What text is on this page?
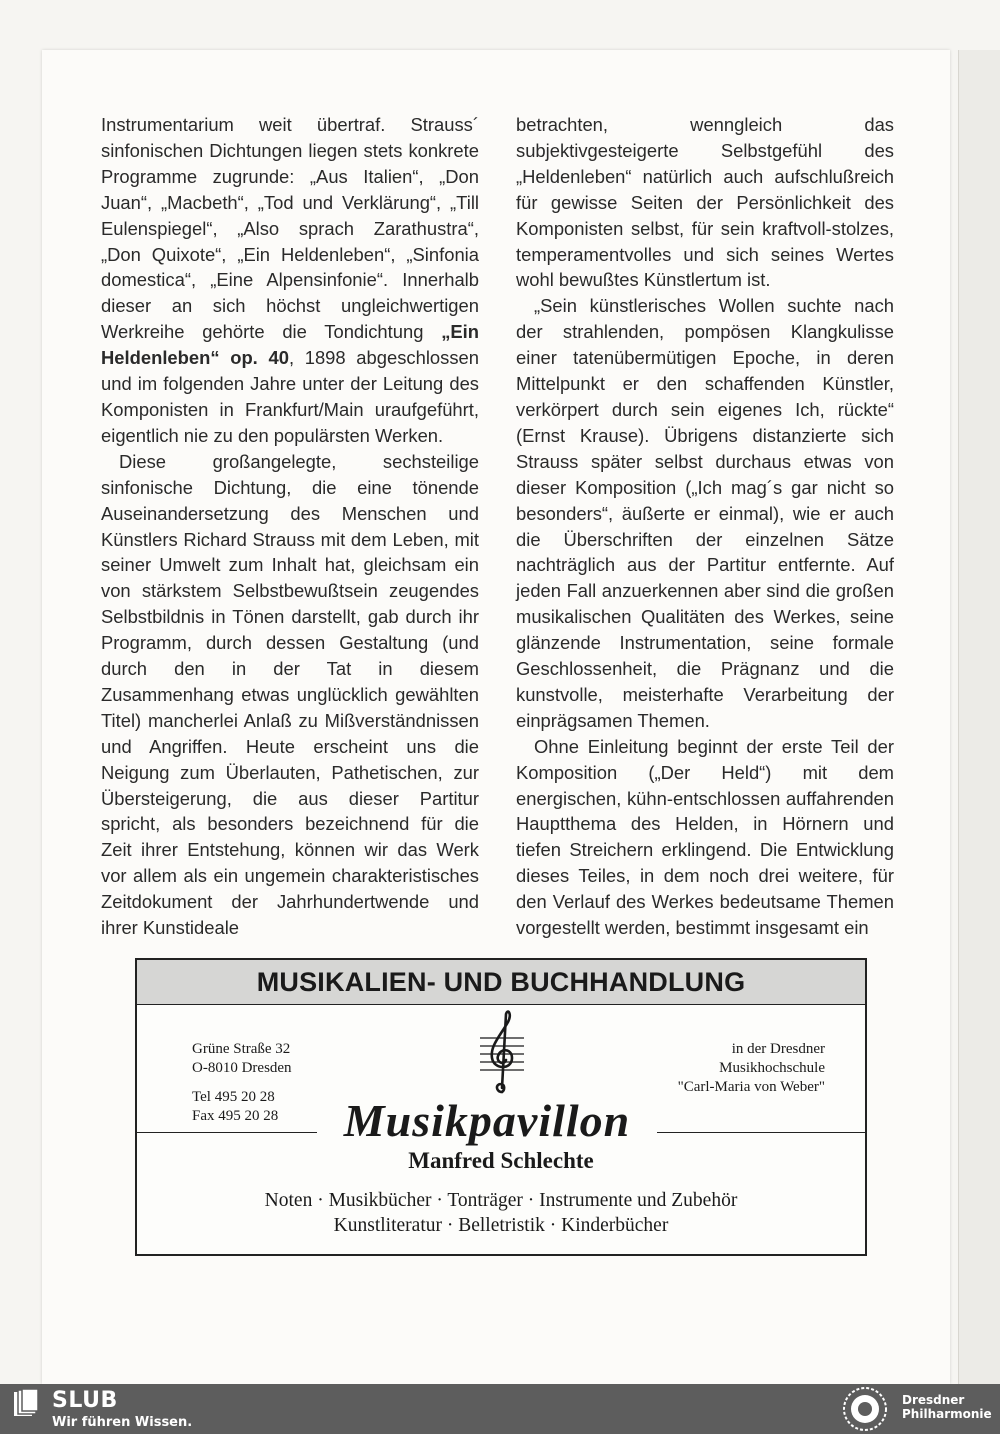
Instrumentarium weit übertraf. Strauss´ sinfonischen Dichtungen liegen stets konkrete Programme zugrunde: „Aus Italien“, „Don Juan“, „Macbeth“, „Tod und Verklärung“, „Till Eulenspiegel“, „Also sprach Zarathustra“, „Don Quixote“, „Ein Heldenleben“, „Sinfonia domestica“, „Eine Alpensinfonie“. Innerhalb dieser an sich höchst ungleichwertigen Werkreihe gehörte die Tondichtung „Ein Heldenleben“ op. 40, 1898 abgeschlossen und im folgenden Jahre unter der Leitung des Komponisten in Frankfurt/Main uraufgeführt, eigentlich nie zu den populärsten Werken.

Diese großangelegte, sechsteilige sinfonische Dichtung, die eine tönende Auseinandersetzung des Menschen und Künstlers Richard Strauss mit dem Leben, mit seiner Umwelt zum Inhalt hat, gleichsam ein von stärkstem Selbstbewußtsein zeugendes Selbstbildnis in Tönen darstellt, gab durch ihr Programm, durch dessen Gestaltung (und durch den in der Tat in diesem Zusammenhang etwas unglücklich gewählten Titel) mancherlei Anlaß zu Mißverständnissen und Angriffen. Heute erscheint uns die Neigung zum Überlauten, Pathetischen, zur Übersteigerung, die aus dieser Partitur spricht, als besonders bezeichnend für die Zeit ihrer Entstehung, können wir das Werk vor allem als ein ungemein charakteristisches Zeitdokument der Jahrhundertwende und ihrer Kunstideale

betrachten, wenngleich das subjektivgesteigerte Selbstgefühl des „Heldenleben“ natürlich auch aufschlußreich für gewisse Seiten der Persönlichkeit des Komponisten selbst, für sein kraftvoll-stolzes, temperamentvolles und sich seines Wertes wohl bewußtes Künstlertum ist.

„Sein künstlerisches Wollen suchte nach der strahlenden, pompösen Klangkulisse einer tatenübermütigen Epoche, in deren Mittelpunkt er den schaffenden Künstler, verkörpert durch sein eigenes Ich, rückte“ (Ernst Krause). Übrigens distanzierte sich Strauss später selbst durchaus etwas von dieser Komposition („Ich mag´s gar nicht so besonders“, äußerte er einmal), wie er auch die Überschriften der einzelnen Sätze nachträglich aus der Partitur entfernte. Auf jeden Fall anzuerkennen aber sind die großen musikalischen Qualitäten des Werkes, seine glänzende Instrumentation, seine formale Geschlossenheit, die Prägnanz und die kunstvolle, meisterhafte Verarbeitung der einprägsamen Themen.

Ohne Einleitung beginnt der erste Teil der Komposition („Der Held“) mit dem energischen, kühn-entschlossen auffahrenden Hauptthema des Helden, in Hörnern und tiefen Streichern erklingend. Die Entwicklung dieses Teiles, in dem noch drei weitere, für den Verlauf des Werkes bedeutsame Themen vorgestellt werden, bestimmt insgesamt ein

MUSIKALIEN- UND BUCHHANDLUNG
Grüne Straße 32
O-8010 Dresden
Tel 495 20 28
Fax 495 20 28
in der Dresdner
Musikhochschule
"Carl-Maria von Weber"
Musikpavillon
Manfred Schlechte
Noten · Musikbücher · Tonträger · Instrumente und Zubehör
Kunstliteratur · Belletristik · Kinderbücher
SLUB
Wir führen Wissen.
Dresdner
Philharmonie
